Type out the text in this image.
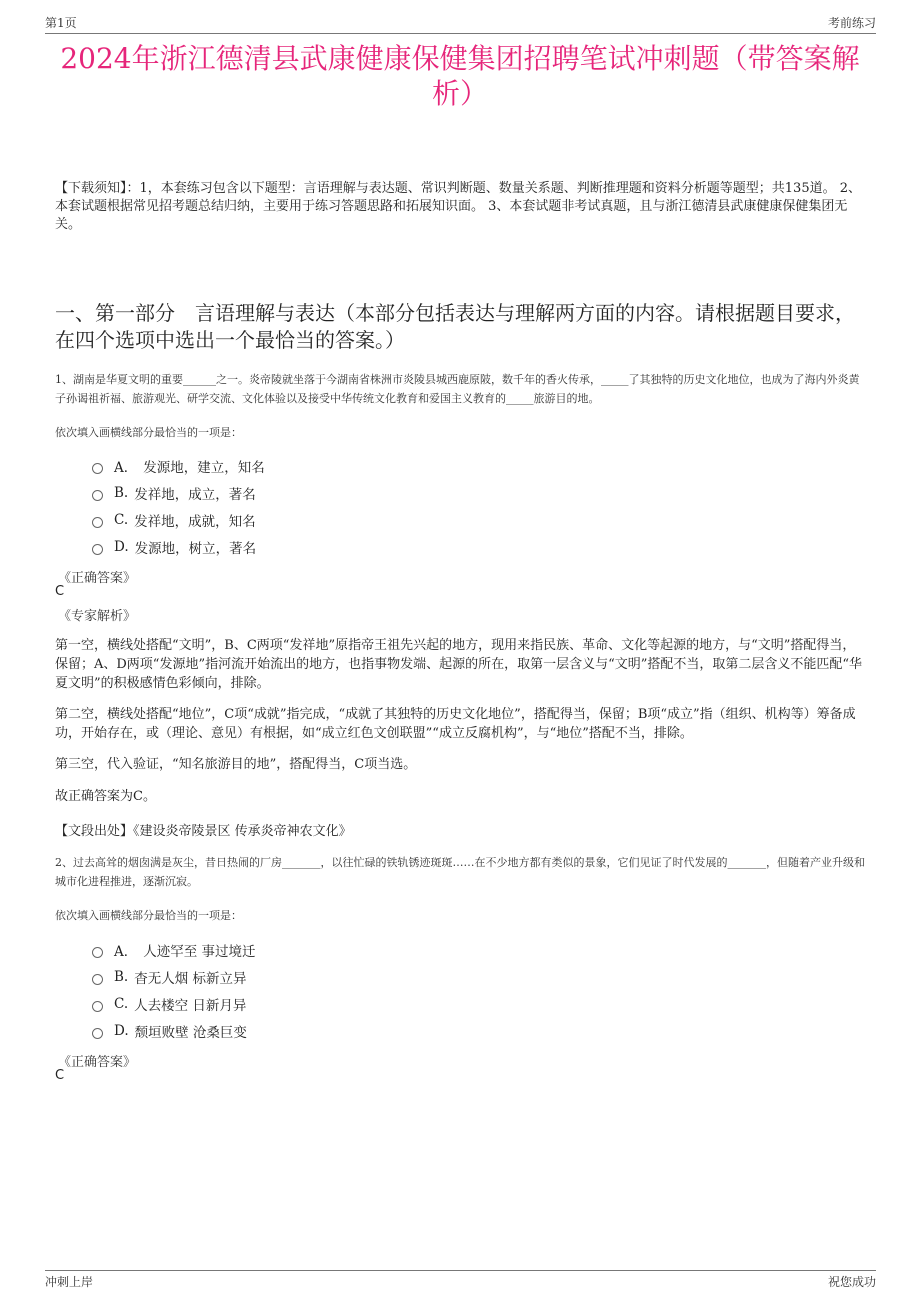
第1页	考前练习
2024年浙江德清县武康健康保健集团招聘笔试冲刺题（带答案解析）
【下载须知】：1，本套练习包含以下题型：言语理解与表达题、常识判断题、数量关系题、判断推理题和资料分析题等题型；共135道。 2、本套试题根据常见招考题总结归纳，主要用于练习答题思路和拓展知识面。 3、本套试题非考试真题，且与浙江德清县武康健康保健集团无关。
一、第一部分　言语理解与表达（本部分包括表达与理解两方面的内容。请根据题目要求，在四个选项中选出一个最恰当的答案。）
1、湖南是华夏文明的重要______之一。炎帝陵就坐落于今湖南省株洲市炎陵县城西鹿原陂，数千年的香火传承，_____了其独特的历史文化地位，也成为了海内外炎黄子孙谒祖祈福、旅游观光、研学交流、文化体验以及接受中华传统文化教育和爱国主义教育的_____旅游目的地。
依次填入画横线部分最恰当的一项是：
A． 发源地，建立，知名
B. 发祥地，成立，著名
C. 发祥地，成就，知名
D. 发源地，树立，著名
《正确答案》
C
《专家解析》
第一空，横线处搭配“文明”，B、C两项“发祥地”原指帝王祖先兴起的地方，现用来指民族、革命、文化等起源的地方，与“文明”搭配得当，保留；A、D两项“发源地”指河流开始流出的地方，也指事物发端、起源的所在，取第一层含义与“文明”搭配不当，取第二层含义不能匹配“华夏文明”的积极感情色彩倾向，排除。
第二空，横线处搭配“地位”，C项“成就”指完成，“成就了其独特的历史文化地位”，搭配得当，保留；B项“成立”指（组织、机构等）筹备成功，开始存在，或（理论、意见）有根据，如“成立红色文创联盟”“成立反腐机构”，与“地位”搭配不当，排除。
第三空，代入验证，“知名旅游目的地”，搭配得当，C项当选。
故正确答案为C。
【文段出处】《建设炎帝陵景区 传承炎帝神农文化》
2、过去高耸的烟囱满是灰尘，昔日热闹的厂房_______，以往忙碌的铁轨锈迹斑斑……在不少地方都有类似的景象，它们见证了时代发展的_______，但随着产业升级和城市化进程推进，逐渐沉寂。
依次填入画横线部分最恰当的一项是：
A． 人迹罕至 事过境迁
B. 杳无人烟 标新立异
C. 人去楼空 日新月异
D. 颓垣败壁 沧桑巨变
《正确答案》
C
冲刺上岸	祝您成功
